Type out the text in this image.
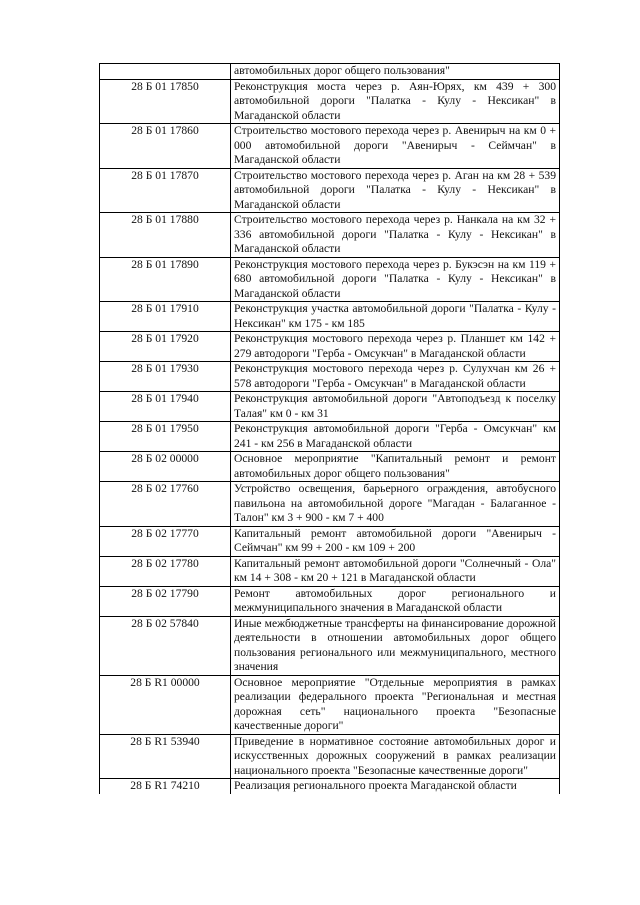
	автомобильных дорог общего пользования"
28 Б 01 17850	Реконструкция моста через р. Аян-Юрях, км 439 + 300 автомобильной дороги "Палатка - Кулу - Нексикан" в Магаданской области
28 Б 01 17860	Строительство мостового перехода через р. Авенирыч на км 0 + 000 автомобильной дороги "Авенирыч - Сеймчан" в Магаданской области
28 Б 01 17870	Строительство мостового перехода через р. Аган на км 28 + 539 автомобильной дороги "Палатка - Кулу - Нексикан" в Магаданской области
28 Б 01 17880	Строительство мостового перехода через р. Нанкала на км 32 + 336 автомобильной дороги "Палатка - Кулу - Нексикан" в Магаданской области
28 Б 01 17890	Реконструкция мостового перехода через р. Букэсэн на км 119 + 680 автомобильной дороги "Палатка - Кулу - Нексикан" в Магаданской области
28 Б 01 17910	Реконструкция участка автомобильной дороги "Палатка - Кулу - Нексикан" км 175 - км 185
28 Б 01 17920	Реконструкция мостового перехода через р. Планшет км 142 + 279 автодороги "Герба - Омсукчан" в Магаданской области
28 Б 01 17930	Реконструкция мостового перехода через р. Сулухчан км 26 + 578 автодороги "Герба - Омсукчан" в Магаданской области
28 Б 01 17940	Реконструкция автомобильной дороги "Автоподъезд к поселку Талая" км 0 - км 31
28 Б 01 17950	Реконструкция автомобильной дороги "Герба - Омсукчан" км 241 - км 256 в Магаданской области
28 Б 02 00000	Основное мероприятие "Капитальный ремонт и ремонт автомобильных дорог общего пользования"
28 Б 02 17760	Устройство освещения, барьерного ограждения, автобусного павильона на автомобильной дороге "Магадан - Балаганное - Талон" км 3 + 900 - км 7 + 400
28 Б 02 17770	Капитальный ремонт автомобильной дороги "Авенирыч - Сеймчан" км 99 + 200 - км 109 + 200
28 Б 02 17780	Капитальный ремонт автомобильной дороги "Солнечный - Ола" км 14 + 308 - км 20 + 121 в Магаданской области
28 Б 02 17790	Ремонт автомобильных дорог регионального и межмуниципального значения в Магаданской области
28 Б 02 57840	Иные межбюджетные трансферты на финансирование дорожной деятельности в отношении автомобильных дорог общего пользования регионального или межмуниципального, местного значения
28 Б R1 00000	Основное мероприятие "Отдельные мероприятия в рамках реализации федерального проекта "Региональная и местная дорожная сеть" национального проекта "Безопасные качественные дороги"
28 Б R1 53940	Приведение в нормативное состояние автомобильных дорог и искусственных дорожных сооружений в рамках реализации национального проекта "Безопасные качественные дороги"
28 Б R1 74210	Реализация регионального проекта Магаданской области
